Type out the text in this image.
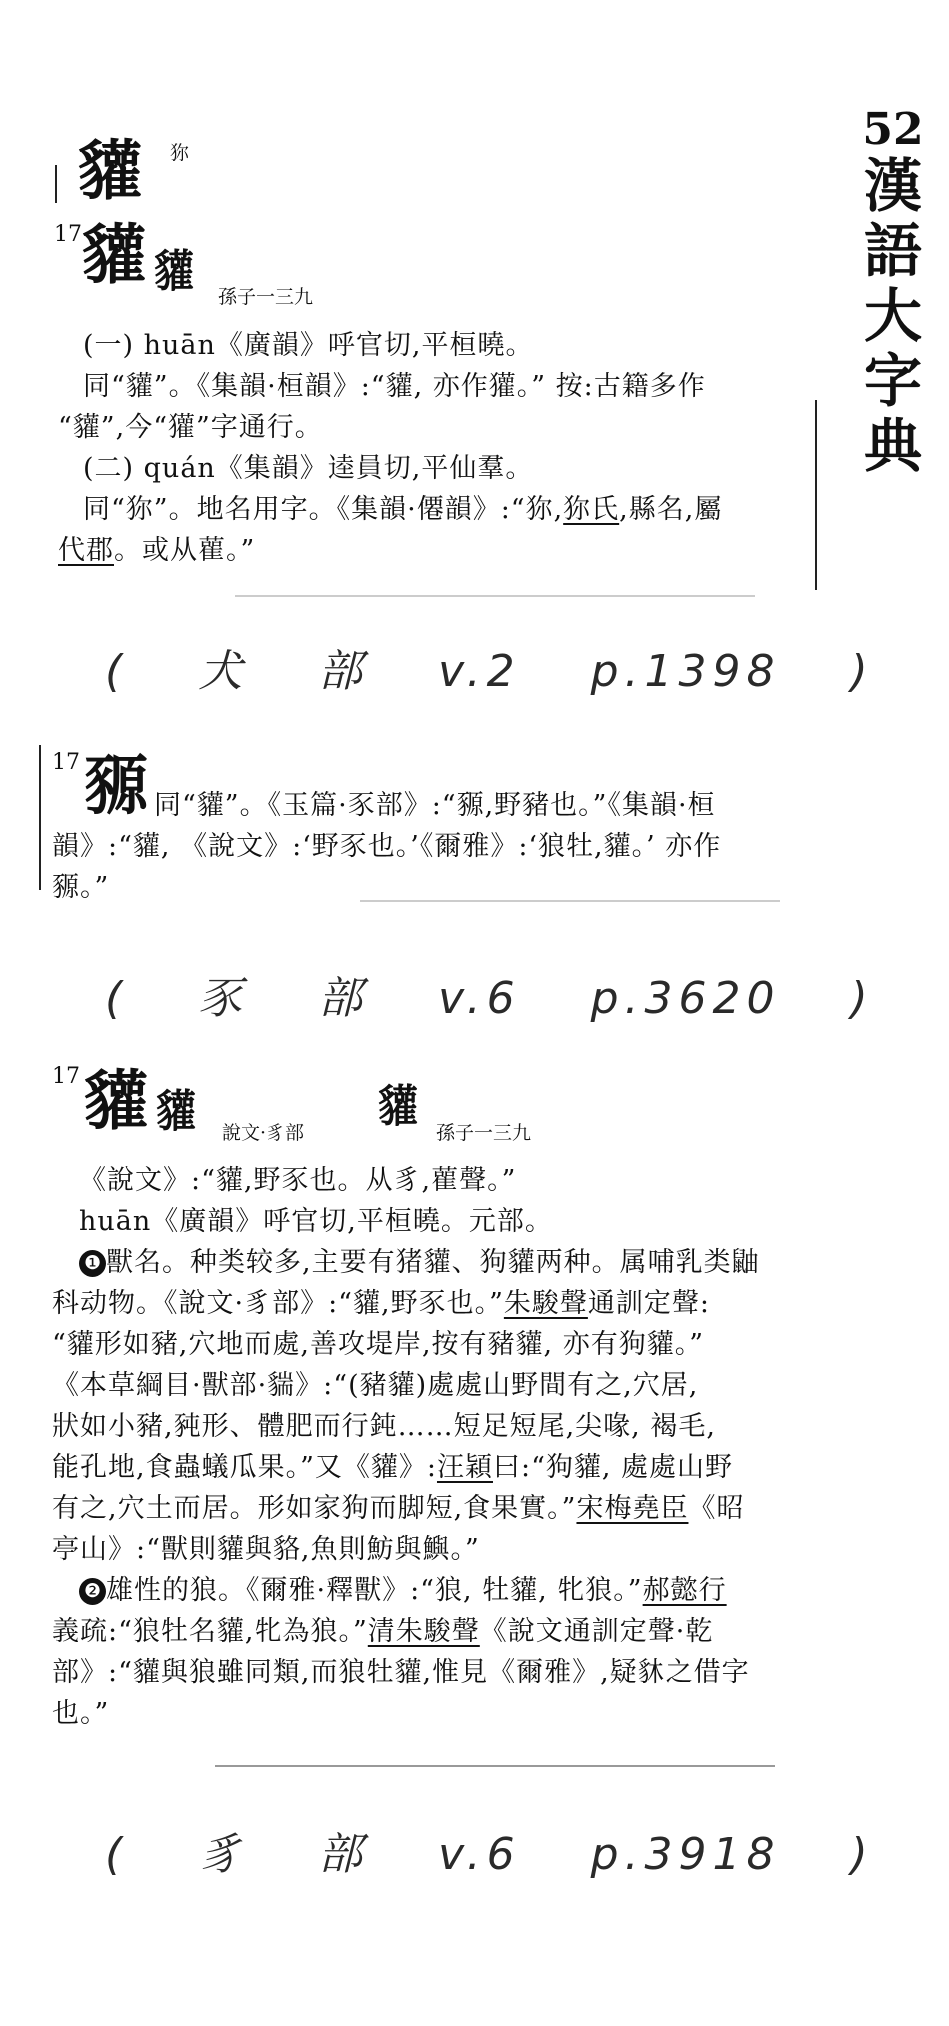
52
漢
語
大
字
典
貛 狝
17 貛 貛 孫子一三九

(一) huān《廣韻》呼官切,平桓曉。

同“貛”。《集韻·桓韻》:“貛, 亦作獾。” 按:古籍多作

“貛”,今“獾”字通行。

(二) quán《集韻》逵員切,平仙羣。

同“狝”。地名用字。《集韻·僊韻》:“狝,狝氏,縣名,屬

代郡。或从雚。”

( 犬 部 v.2 p.1398 )
17 豲 同“貛”。《玉篇·豕部》:“豲,野豬也。”《集韻·桓

韻》:“貛, 《說文》:‘野豕也。’《爾雅》:‘狼牡,貛。’ 亦作

豲。”

( 豕 部 v.6 p.3620 )
17 貛 貛 說文·豸部
貛
孫子一三九

《說文》:“貛,野豕也。从豸,雚聲。”

huān《廣韻》呼官切,平桓曉。元部。

❶ 獸名。种类较多,主要有猪貛、狗貛两种。属哺乳类鼬

科动物。《說文·豸部》:“貛,野豕也。”朱駿聲通訓定聲:

“貛形如豬,穴地而處,善攻堤岸,按有豬貛, 亦有狗貛。”

《本草綱目·獸部·貒》:“(豬貛)處處山野間有之,穴居,

狀如小豬,豘形、體肥而行鈍……短足短尾,尖喙, 褐毛,

能孔地,食蟲蟻瓜果。”又《貛》:汪穎曰:“狗貛, 處處山野

有之,穴土而居。形如家狗而脚短,食果實。”宋梅堯臣《昭

亭山》:“獸則貛與貉,魚則魴與鱮。”

❷ 雄性的狼。《爾雅·釋獸》:“狼, 牡貛, 牝狼。”郝懿行

義疏:“狼牡名貛,牝為狼。”清朱駿聲《說文通訓定聲·乾

部》:“貛與狼雖同類,而狼牡貛,惟見《爾雅》,疑䝗之借字

也。”

( 豸 部 v.6 p.3918 )
